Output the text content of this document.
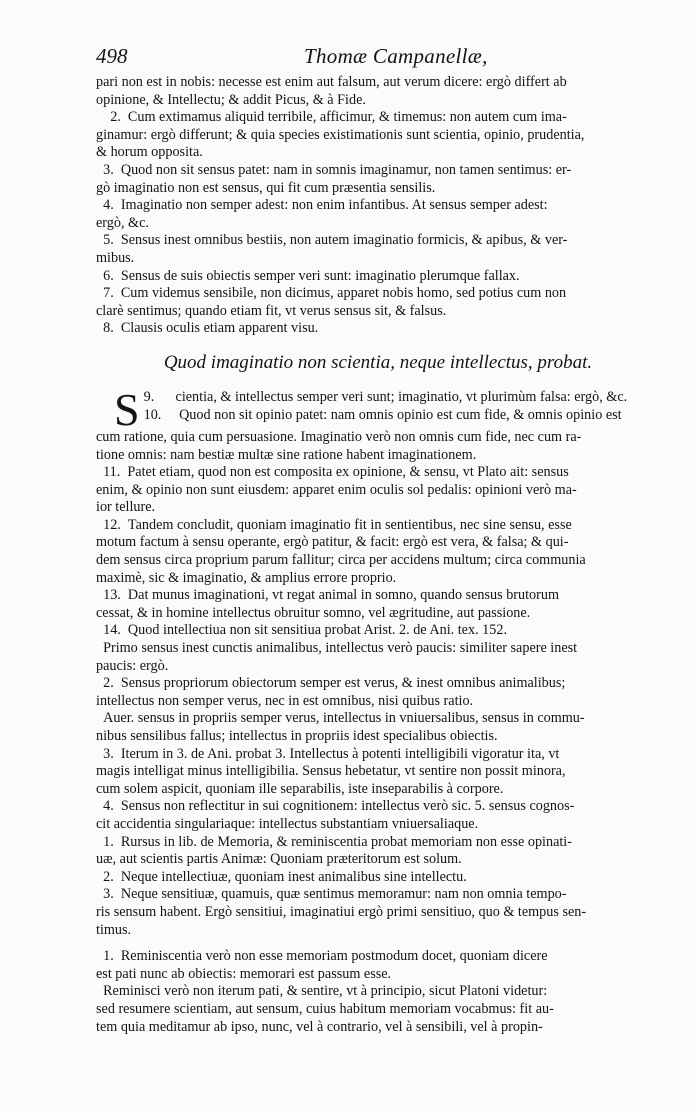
498	Thomæ Campanellæ,
pari non est in nobis: necesse est enim aut falsum, aut verum dicere: ergò differt ab
opinione, & Intellectu; & addit Picus, & à Fide.
2.  Cum extimamus aliquid terribile, afficimur, & timemus: non autem cum ima-
ginamur: ergò differunt; & quia species existimationis sunt scientia, opinio, prudentia,
& horum opposita.
3.  Quod non sit sensus patet: nam in somnis imaginamur, non tamen sentimus: er-
gò imaginatio non est sensus, qui fit cum præsentia sensilis.
4.  Imaginatio non semper adest: non enim infantibus. At sensus semper adest:
ergò, &c.
5.  Sensus inest omnibus bestiis, non autem imaginatio formicis, & apibus, & ver-
mibus.
6.  Sensus de suis obiectis semper veri sunt: imaginatio plerumque fallax.
7.  Cum videmus sensibile, non dicimus, apparet nobis homo, sed potius cum non
clarè sentimus; quando etiam fit, vt verus sensus sit, & falsus.
8.  Clausis oculis etiam apparent visu.
Quod imaginatio non scientia, neque intellectus, probat.
S 9.      cientia, & intellectus semper veri sunt; imaginatio, vt plurimùm falsa: ergò, &c.
10.     Quod non sit opinio patet: nam omnis opinio est cum fide, & omnis opinio est
cum ratione, quia cum persuasione. Imaginatio verò non omnis cum fide, nec cum ra-
tione omnis: nam bestiæ multæ sine ratione habent imaginationem.
11.  Patet etiam, quod non est composita ex opinione, & sensu, vt Plato ait: sensus
enim, & opinio non sunt eiusdem: apparet enim oculis sol pedalis: opinioni verò ma-
ior tellure.
12.  Tandem concludit, quoniam imaginatio fit in sentientibus, nec sine sensu, esse
motum factum à sensu operante, ergò patitur, & facit: ergò est vera, & falsa; & qui-
dem sensus circa proprium parum fallitur; circa per accidens multum; circa communia
maximè, sic & imaginatio, & amplius errore proprio.
13.  Dat munus imaginationi, vt regat animal in somno, quando sensus brutorum
cessat, & in homine intellectus obruitur somno, vel ægritudine, aut passione.
14.  Quod intellectiua non sit sensitiua probat Arist. 2. de Ani. tex. 152.
Primo sensus inest cunctis animalibus, intellectus verò paucis: similiter sapere inest
paucis: ergò.
2.  Sensus propriorum obiectorum semper est verus, & inest omnibus animalibus;
intellectus non semper verus, nec in est omnibus, nisi quibus ratio.
Auer. sensus in propriis semper verus, intellectus in vniuersalibus, sensus in commu-
nibus sensilibus fallus; intellectus in propriis idest specialibus obiectis.
3.  Iterum in 3. de Ani. probat 3. Intellectus à potenti intelligibili vigoratur ita, vt
magis intelligat minus intelligibilia. Sensus hebetatur, vt sentire non possit minora,
cum solem aspicit, quoniam ille separabilis, iste inseparabilis à corpore.
4.  Sensus non reflectitur in sui cognitionem: intellectus verò sic. 5. sensus cognos-
cit accidentia singulariaque: intellectus substantiam vniuersaliaque.
1.  Rursus in lib. de Memoria, & reminiscentia probat memoriam non esse opinati-
uæ, aut scientis partis Animæ: Quoniam præteritorum est solum.
2.  Neque intellectiuæ, quoniam inest animalibus sine intellectu.
3.  Neque sensitiuæ, quamuis, quæ sentimus memoramur: nam non omnia tempo-
ris sensum habent. Ergò sensitiui, imaginatiui ergò primi sensitiuo, quo & tempus sen-
timus.
1.  Reminiscentia verò non esse memoriam postmodum docet, quoniam dicere
est pati nunc ab obiectis: memorari est passum esse.
Reminisci verò non iterum pati, & sentire, vt à principio, sicut Platoni videtur:
sed resumere scientiam, aut sensum, cuius habitum memoriam vocabmus: fit au-
tem quia meditamur ab ipso, nunc, vel à contrario, vel à sensibili, vel à propin-
